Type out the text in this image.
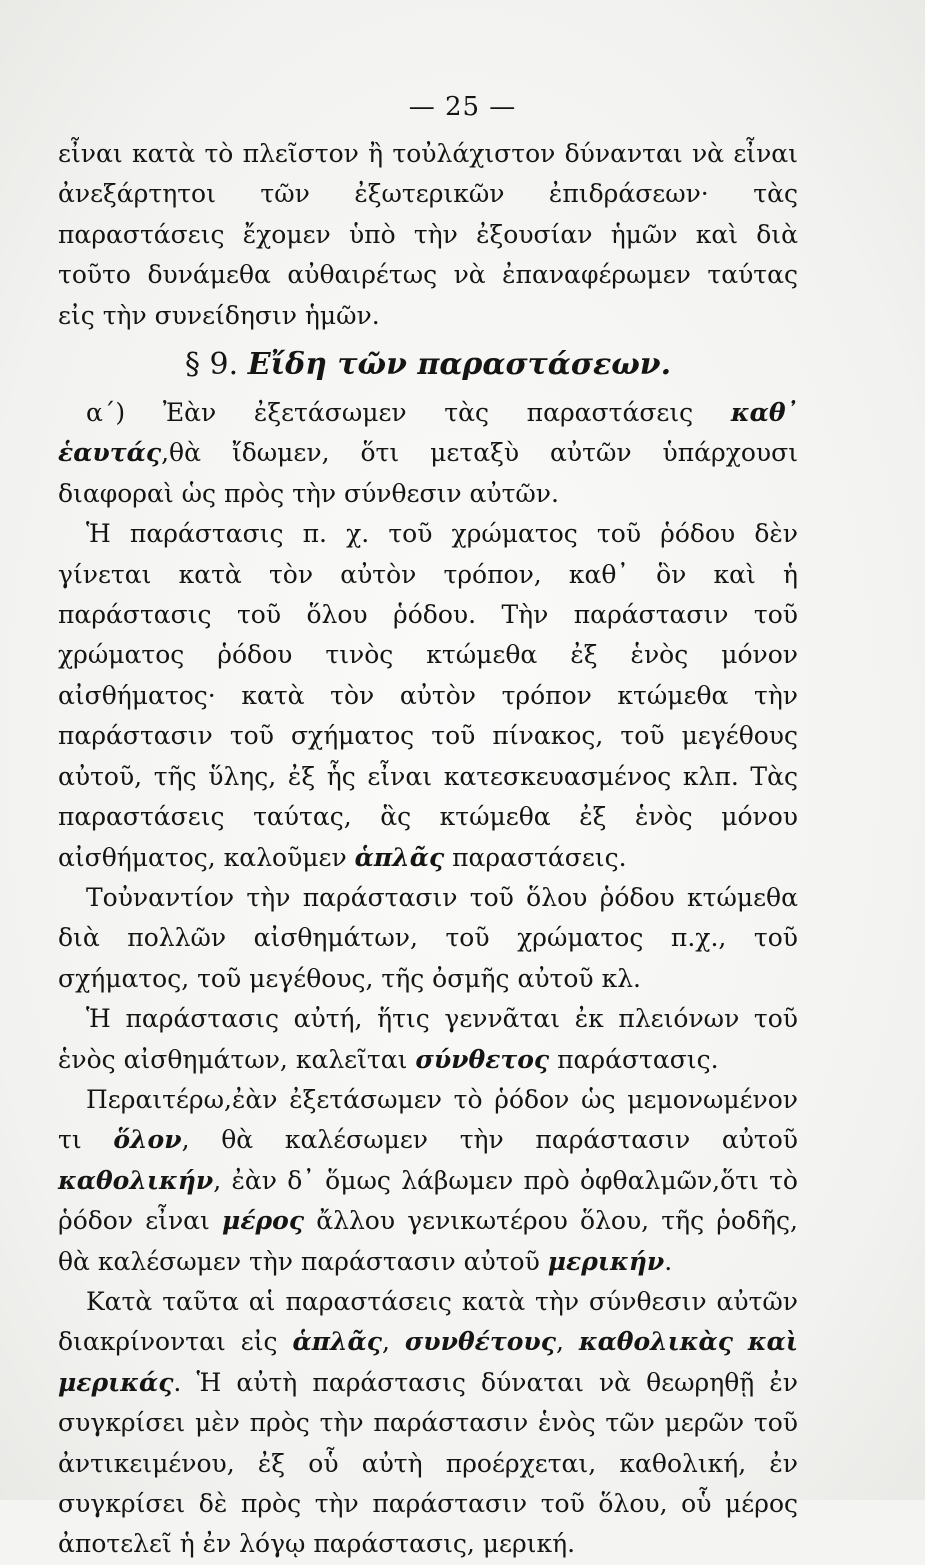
— 25 —

εἶναι κατὰ τὸ πλεῖστον ἢ τοὐλάχιστον δύνανται νὰ εἶναι ἀνεξάρτητοι τῶν ἐξωτερικῶν ἐπιδράσεων· τὰς παραστάσεις ἔχομεν ὑπὸ τὴν ἐξουσίαν ἡμῶν καὶ διὰ τοῦτο δυνάμεθα αὐθαιρέτως νὰ ἐπαναφέρωμεν ταύτας εἰς τὴν συνείδησιν ἡμῶν.

§ 9. Εἴδη τῶν παραστάσεων.

α΄) Ἐὰν ἐξετάσωμεν τὰς παραστάσεις καθ᾿ ἑαυτάς,θὰ ἴδωμεν, ὅτι μεταξὺ αὐτῶν ὑπάρχουσι διαφοραὶ ὡς πρὸς τὴν σύνθεσιν αὐτῶν.

Ἡ παράστασις π. χ. τοῦ χρώματος τοῦ ῥόδου δὲν γίνεται κατὰ τὸν αὐτὸν τρόπον, καθ᾿ ὃν καὶ ἡ παράστασις τοῦ ὅλου ῥόδου. Τὴν παράστασιν τοῦ χρώματος ῥόδου τινὸς κτώμεθα ἐξ ἑνὸς μόνον αἰσθήματος· κατὰ τὸν αὐτὸν τρόπον κτώμεθα τὴν παράστασιν τοῦ σχήματος τοῦ πίνακος, τοῦ μεγέθους αὐτοῦ, τῆς ὕλης, ἐξ ἧς εἶναι κατεσκευασμένος κλπ. Τὰς παραστάσεις ταύτας, ἃς κτώμεθα ἐξ ἑνὸς μόνου αἰσθήματος, καλοῦμεν ἁπλᾶς παραστάσεις.

Τοὐναντίον τὴν παράστασιν τοῦ ὅλου ῥόδου κτώμεθα διὰ πολλῶν αἰσθημάτων, τοῦ χρώματος π.χ., τοῦ σχήματος, τοῦ μεγέθους, τῆς ὀσμῆς αὐτοῦ κλ.

Ἡ παράστασις αὐτή, ἥτις γεννᾶται ἐκ πλειόνων τοῦ ἑνὸς αἰσθημάτων, καλεῖται σύνθετος παράστασις.

Περαιτέρω,ἐὰν ἐξετάσωμεν τὸ ῥόδον ὡς μεμονωμένον τι ὅλον, θὰ καλέσωμεν τὴν παράστασιν αὐτοῦ καθολικήν, ἐὰν δ᾿ ὅμως λάβωμεν πρὸ ὀφθαλμῶν,ὅτι τὸ ῥόδον εἶναι μέρος ἄλλου γενικωτέρου ὅλου, τῆς ῥοδῆς, θὰ καλέσωμεν τὴν παράστασιν αὐτοῦ μερικήν.

Κατὰ ταῦτα αἱ παραστάσεις κατὰ τὴν σύνθεσιν αὐτῶν διακρίνονται εἰς ἁπλᾶς, συνθέτους, καθολικὰς καὶ μερικάς. Ἡ αὐτὴ παράστασις δύναται νὰ θεωρηθῇ ἐν συγκρίσει μὲν πρὸς τὴν παράστασιν ἑνὸς τῶν μερῶν τοῦ ἀντικειμένου, ἐξ οὗ αὐτὴ προέρχεται, καθολική, ἐν συγκρίσει δὲ πρὸς τὴν παράστασιν τοῦ ὅλου, οὗ μέρος ἀποτελεῖ ἡ ἐν λόγῳ παράστασις, μερική.
